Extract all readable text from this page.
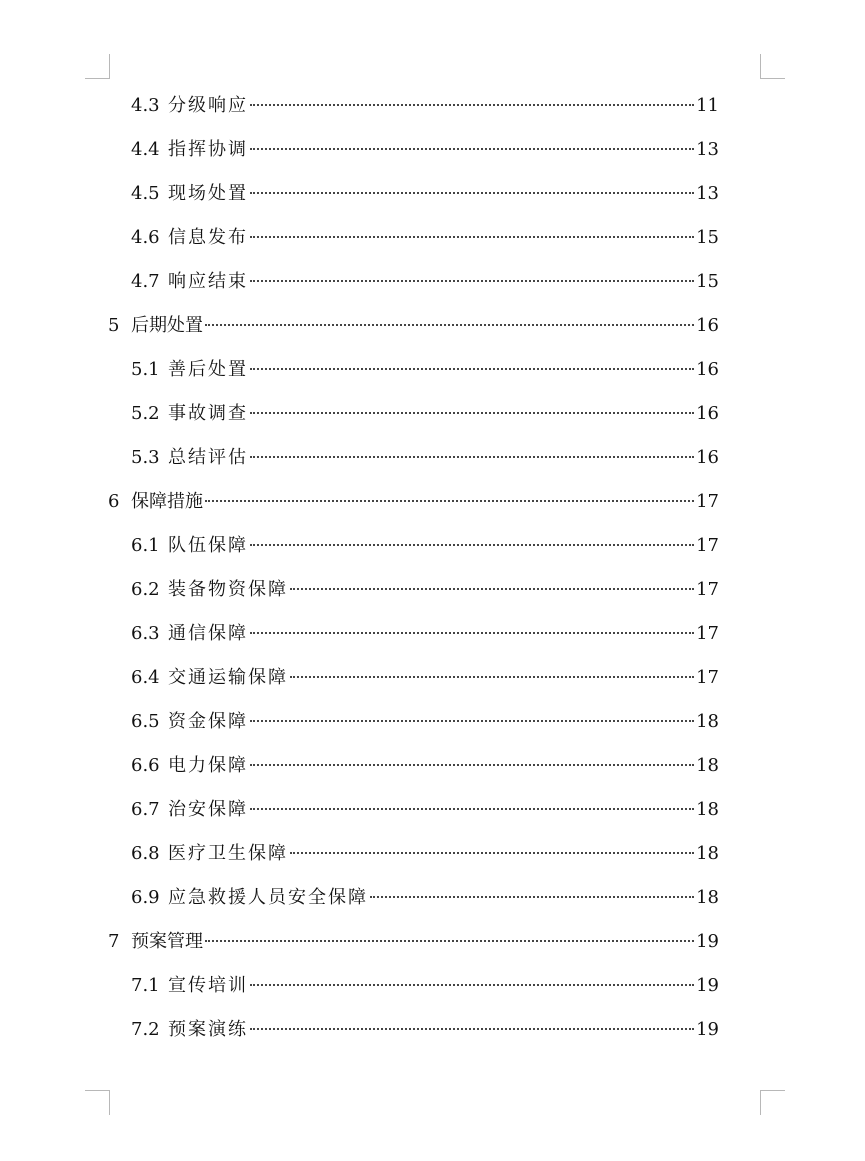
4.3 分级响应	11
4.4 指挥协调	13
4.5 现场处置	13
4.6 信息发布	15
4.7 响应结束	15
5 后期处置	16
5.1 善后处置	16
5.2 事故调查	16
5.3 总结评估	16
6 保障措施	17
6.1 队伍保障	17
6.2 装备物资保障	17
6.3 通信保障	17
6.4 交通运输保障	17
6.5 资金保障	18
6.6 电力保障	18
6.7 治安保障	18
6.8 医疗卫生保障	18
6.9 应急救援人员安全保障	18
7 预案管理	19
7.1 宣传培训	19
7.2 预案演练	19
